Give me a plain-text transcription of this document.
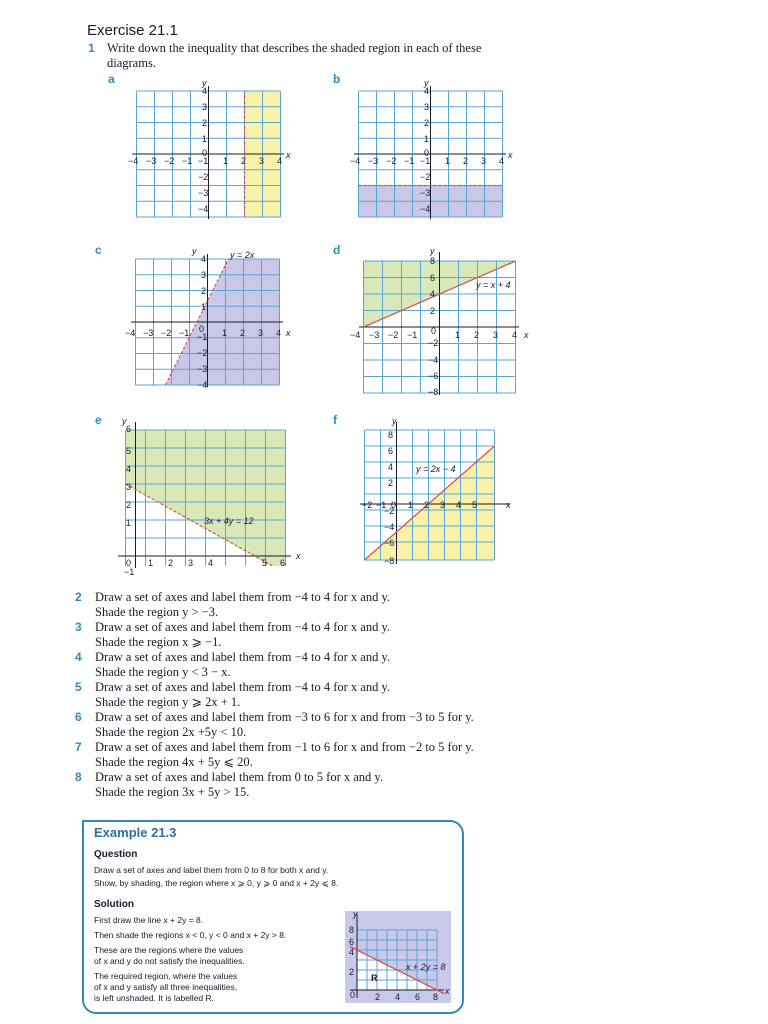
Exercise 21.1
1 Write down the inequality that describes the shaded region in each of these diagrams.
a	b
c	d
e	f
y
x
4
3
2
1
−1
−2
−3
−4
−4 −3 −2 −1
0
1 2 3 4
y
x
4
3
2
1
−1
−2
−3
−4
−4 −3 −2 −1
0
1 2 3 4
y
x
4
3
2
1
−1
−2
−3
−4
−4 −3 −2 −1 0 1 2 3 4
y = 2x	y
x
8
6
4
2
−2
−4
−6
−8
−4 −3 −2 −1 0 1 2 3 4
y = x + 4
y
x
6
5
4
3
2
1
0
−1
1 2 3 4	5 6
3x + 4y = 12
y
x
8
6
4
2
−2
−4
−6
−8
−2 −1 0 1 2 3 4 5
y = 2x − 4
2 Draw a set of axes and label them from −4 to 4 for x and y.
Shade the region y > −3.
3 Draw a set of axes and label them from −4 to 4 for x and y.
Shade the region x ⩾ −1.
4 Draw a set of axes and label them from −4 to 4 for x and y.
Shade the region y < 3 − x.
5 Draw a set of axes and label them from −4 to 4 for x and y.
Shade the region y ⩾ 2x + 1.
6 Draw a set of axes and label them from −3 to 6 for x and from −3 to 5 for y.
Shade the region 2x +5y < 10.
7 Draw a set of axes and label them from −1 to 6 for x and from −2 to 5 for y.
Shade the region 4x + 5y ⩽ 20.
8 Draw a set of axes and label them from 0 to 5 for x and y.
Shade the region 3x + 5y > 15.
Example 21.3
Question
Draw a set of axes and label them from 0 to 8 for both x and y.
Show, by shading, the region where x ⩾ 0, y ⩾ 0 and x + 2y ⩽ 8.
Solution
First draw the line x + 2y = 8.
Then shade the regions x < 0, y < 0 and x + 2y > 8.
These are the regions where the values
of x and y do not satisfy the inequalities.
The required region, where the values
of x and y satisfy all three inequalities,
is left unshaded. It is labelled R.
y
x
8
6
4
2
0 2 4 6 8
x + 2y = 8
R
